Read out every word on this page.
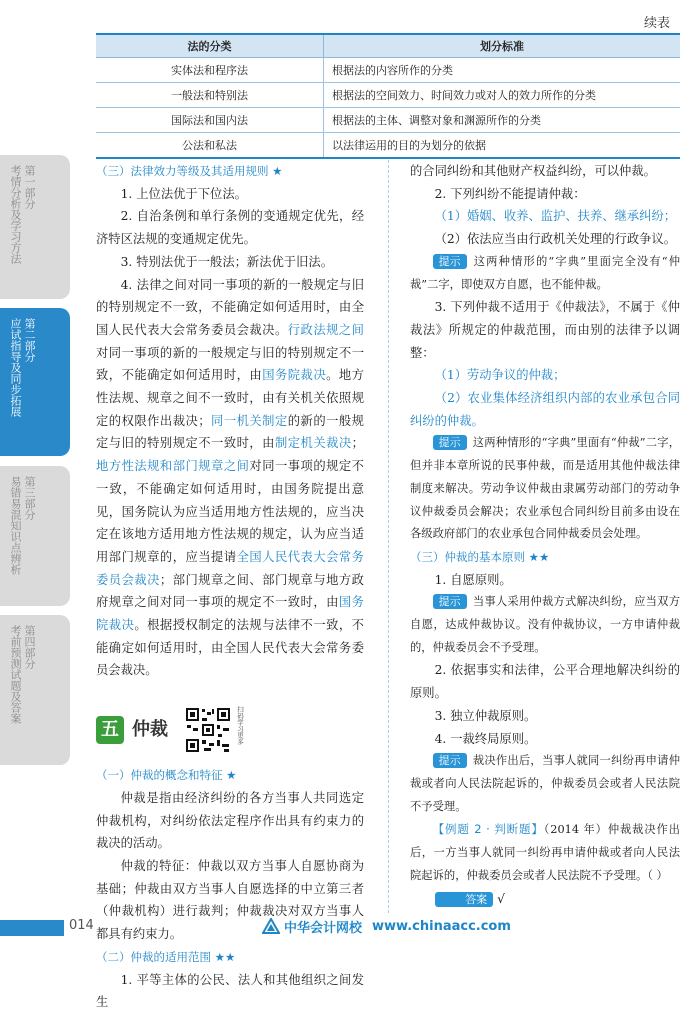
续表
法的分类	划分标准
实体法和程序法	根据法的内容所作的分类
一般法和特别法	根据法的空间效力、时间效力或对人的效力所作的分类
国际法和国内法	根据法的主体、调整对象和渊源所作的分类
公法和私法	以法律运用的目的为划分的依据
第一部分
考情分析及学习方法
第二部分
应试指导及同步拓展
第三部分
易错易混知识点辨析
第四部分
考前预测试题及答案

（三）法律效力等级及其适用规则 ★

1. 上位法优于下位法。

2. 自治条例和单行条例的变通规定优先，经济特区法规的变通规定优先。

3. 特别法优于一般法；新法优于旧法。

4. 法律之间对同一事项的新的一般规定与旧的特别规定不一致，不能确定如何适用时，由全国人民代表大会常务委员会裁决。行政法规之间对同一事项的新的一般规定与旧的特别规定不一致，不能确定如何适用时，由国务院裁决。地方性法规、规章之间不一致时，由有关机关依照规定的权限作出裁决；同一机关制定的新的一般规定与旧的特别规定不一致时，由制定机关裁决；地方性法规和部门规章之间对同一事项的规定不一致，不能确定如何适用时，由国务院提出意见，国务院认为应当适用地方性法规的，应当决定在该地方适用地方性法规的规定，认为应当适用部门规章的，应当提请全国人民代表大会常务委员会裁决；部门规章之间、部门规章与地方政府规章之间对同一事项的规定不一致时，由国务院裁决。根据授权制定的法规与法律不一致，不能确定如何适用时，由全国人民代表大会常务委员会裁决。

五 仲裁	扫码学习更多

（一）仲裁的概念和特征 ★

仲裁是指由经济纠纷的各方当事人共同选定仲裁机构，对纠纷依法定程序作出具有约束力的裁决的活动。

仲裁的特征：仲裁以双方当事人自愿协商为基础；仲裁由双方当事人自愿选择的中立第三者（仲裁机构）进行裁判；仲裁裁决对双方当事人都具有约束力。

（二）仲裁的适用范围 ★★

1. 平等主体的公民、法人和其他组织之间发生

的合同纠纷和其他财产权益纠纷，可以仲裁。

2. 下列纠纷不能提请仲裁：

（1）婚姻、收养、监护、扶养、继承纠纷；

（2）依法应当由行政机关处理的行政争议。

提示 这两种情形的“字典”里面完全没有“仲裁”二字，即使双方自愿，也不能仲裁。

3. 下列仲裁不适用于《仲裁法》，不属于《仲裁法》所规定的仲裁范围，而由别的法律予以调整：

（1）劳动争议的仲裁；

（2）农业集体经济组织内部的农业承包合同纠纷的仲裁。

提示 这两种情形的“字典”里面有“仲裁”二字，但并非本章所说的民事仲裁，而是适用其他仲裁法律制度来解决。劳动争议仲裁由隶属劳动部门的劳动争议仲裁委员会解决；农业承包合同纠纷目前多由设在各级政府部门的农业承包合同仲裁委员会处理。

（三）仲裁的基本原则 ★★

1. 自愿原则。

提示 当事人采用仲裁方式解决纠纷，应当双方自愿，达成仲裁协议。没有仲裁协议，一方申请仲裁的，仲裁委员会不予受理。

2. 依据事实和法律，公平合理地解决纠纷的原则。

3. 独立仲裁原则。

4. 一裁终局原则。

提示 裁决作出后，当事人就同一纠纷再申请仲裁或者向人民法院起诉的，仲裁委员会或者人民法院不予受理。

【例题 2 · 判断题】（2014 年）仲裁裁决作出后，一方当事人就同一纠纷再申请仲裁或者向人民法院起诉的，仲裁委员会或者人民法院不予受理。（ ）

答案 √

014	中华会计网校 www.chinaacc.com
